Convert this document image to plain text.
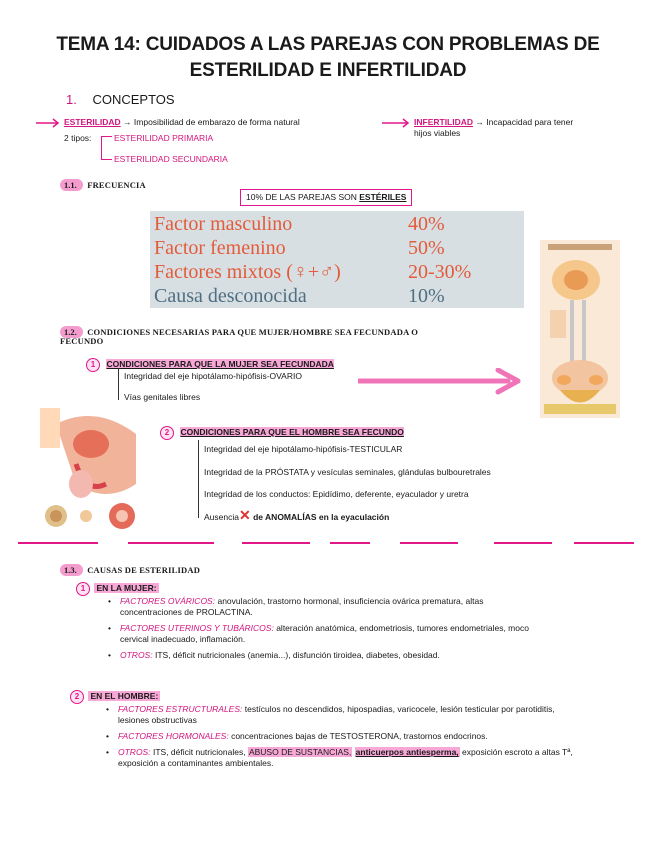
TEMA 14: CUIDADOS A LAS PAREJAS CON PROBLEMAS DE
ESTERILIDAD E INFERTILIDAD
1. CONCEPTOS
ESTERILIDAD → Imposibilidad de embarazo de forma natural
2 tipos:	ESTERILIDAD PRIMARIA
ESTERILIDAD SECUNDARIA
INFERTILIDAD → Incapacidad para tener
hijos viables
1.1. FRECUENCIA
10% DE LAS PAREJAS SON ESTÉRILES
Factor masculino	40%
Factor femenino	50%
Factores mixtos (♀+♂)	20-30%
Causa desconocida	10%
1.2. CONDICIONES NECESARIAS PARA QUE MUJER/HOMBRE SEA FECUNDADA O
FECUNDO
1 CONDICIONES PARA QUE LA MUJER SEA FECUNDADA
Integridad del eje hipotálamo-hipófisis-OVARIO
Vías genitales libres
2 CONDICIONES PARA QUE EL HOMBRE SEA FECUNDO
Integridad del eje hipotálamo-hipófisis-TESTICULAR
Integridad de la PRÓSTATA y vesículas seminales, glándulas bulbouretrales
Integridad de los conductos: Epidídimo, deferente, eyaculador y uretra
Ausencia✕ de ANOMALÍAS en la eyaculación
1.3. CAUSAS DE ESTERILIDAD
1 EN LA MUJER:
• FACTORES OVÁRICOS: anovulación, trastorno hormonal, insuficiencia ovárica prematura, altas concentraciones de PROLACTINA.
• FACTORES UTERINOS Y TUBÁRICOS: alteración anatómica, endometriosis, tumores endometriales, moco cervical inadecuado, inflamación.
• OTROS: ITS, déficit nutricionales (anemia...), disfunción tiroidea, diabetes, obesidad.
2 EN EL HOMBRE:
• FACTORES ESTRUCTURALES: testículos no descendidos, hipospadias, varicocele, lesión testicular por parotiditis, lesiones obstructivas
• FACTORES HORMONALES: concentraciones bajas de TESTOSTERONA, trastornos endocrinos.
• OTROS: ITS, déficit nutricionales, ABUSO DE SUSTANCIAS, anticuerpos antiesperma, exposición escroto a altas Tª, exposición a contaminantes ambientales.
